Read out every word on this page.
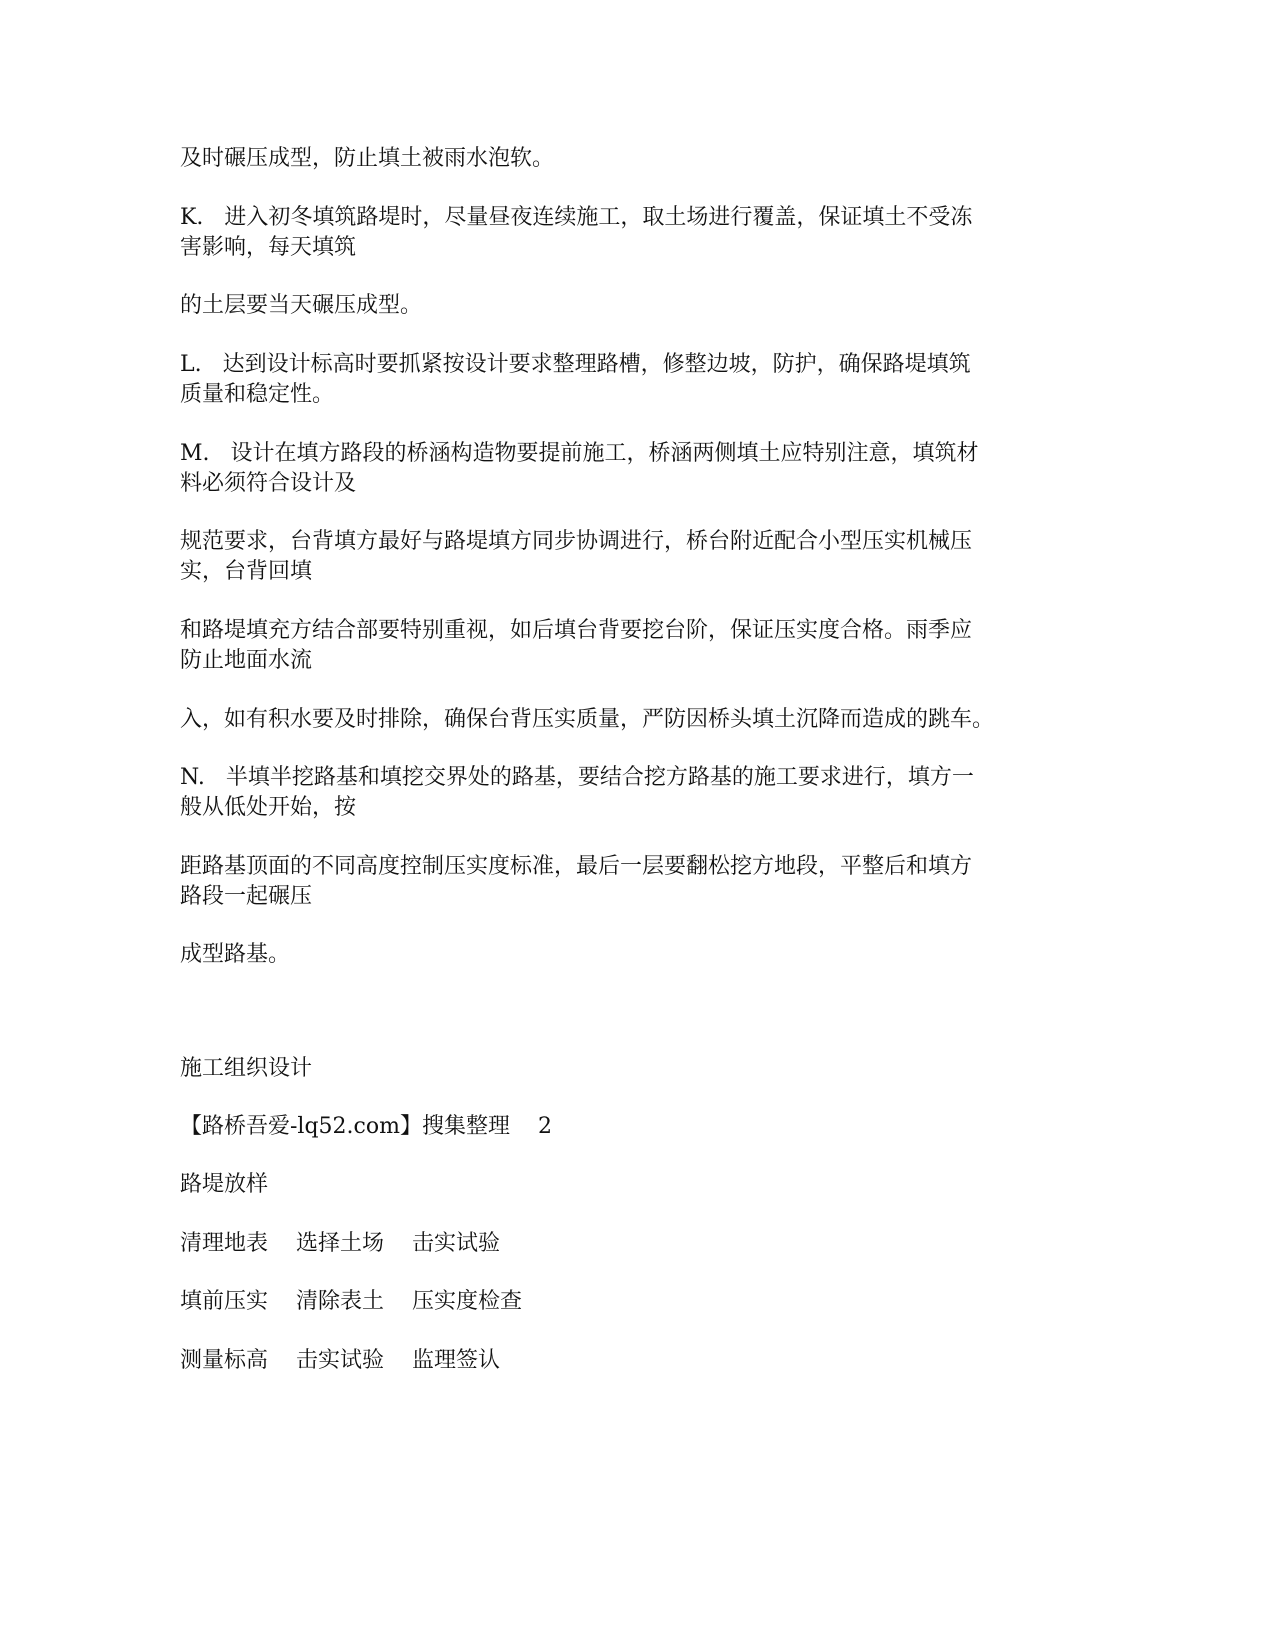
及时碾压成型，防止填土被雨水泡软。

K.   进入初冬填筑路堤时，尽量昼夜连续施工，取土场进行覆盖，保证填土不受冻

害影响，每天填筑

的土层要当天碾压成型。

L.   达到设计标高时要抓紧按设计要求整理路槽，修整边坡，防护，确保路堤填筑

质量和稳定性。

M.   设计在填方路段的桥涵构造物要提前施工，桥涵两侧填土应特别注意，填筑材

料必须符合设计及

规范要求，台背填方最好与路堤填方同步协调进行，桥台附近配合小型压实机械压

实，台背回填

和路堤填充方结合部要特别重视，如后填台背要挖台阶，保证压实度合格。雨季应

防止地面水流

入，如有积水要及时排除，确保台背压实质量，严防因桥头填土沉降而造成的跳车。

N.   半填半挖路基和填挖交界处的路基，要结合挖方路基的施工要求进行，填方一

般从低处开始，按

距路基顶面的不同高度控制压实度标准，最后一层要翻松挖方地段，平整后和填方

路段一起碾压

成型路基。

施工组织设计

【路桥吾爱-lq52.com】搜集整理    2

路堤放样

清理地表    选择土场    击实试验

填前压实    清除表土    压实度检查

测量标高    击实试验    监理签认
